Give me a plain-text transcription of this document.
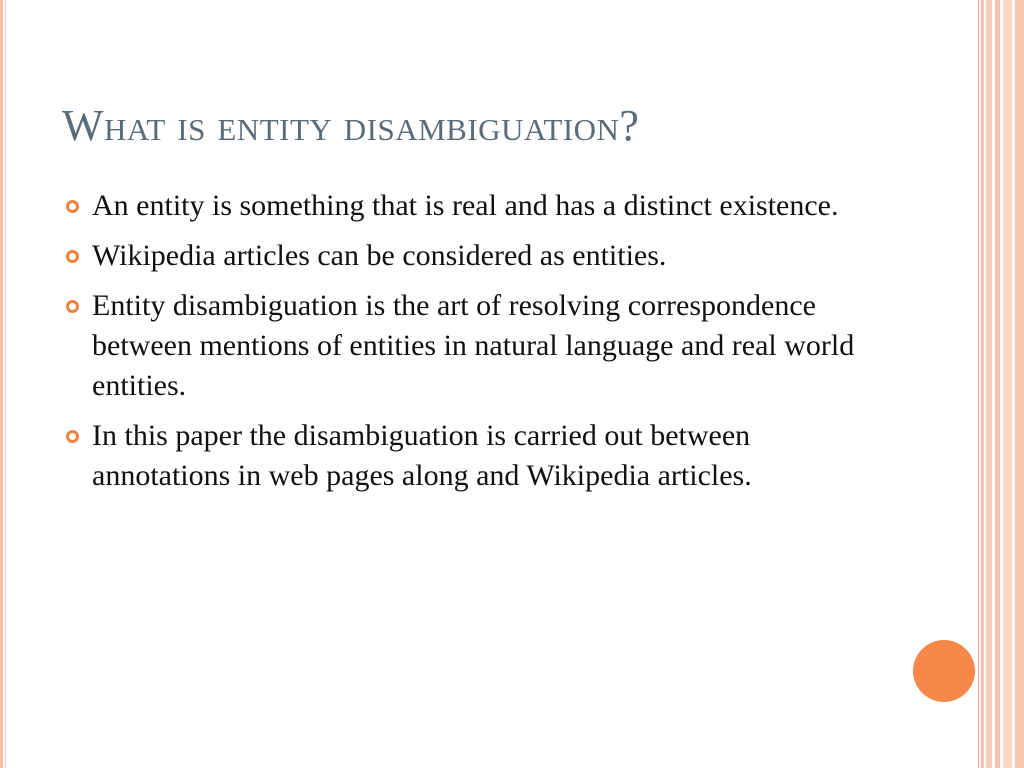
What is entity disambiguation?
An entity is something that is real and has a distinct existence.
Wikipedia articles can be considered as entities.
Entity disambiguation is the art of resolving correspondence between mentions of entities in natural language and real world entities.
In this paper the disambiguation is carried out between annotations in web pages along and Wikipedia articles.
